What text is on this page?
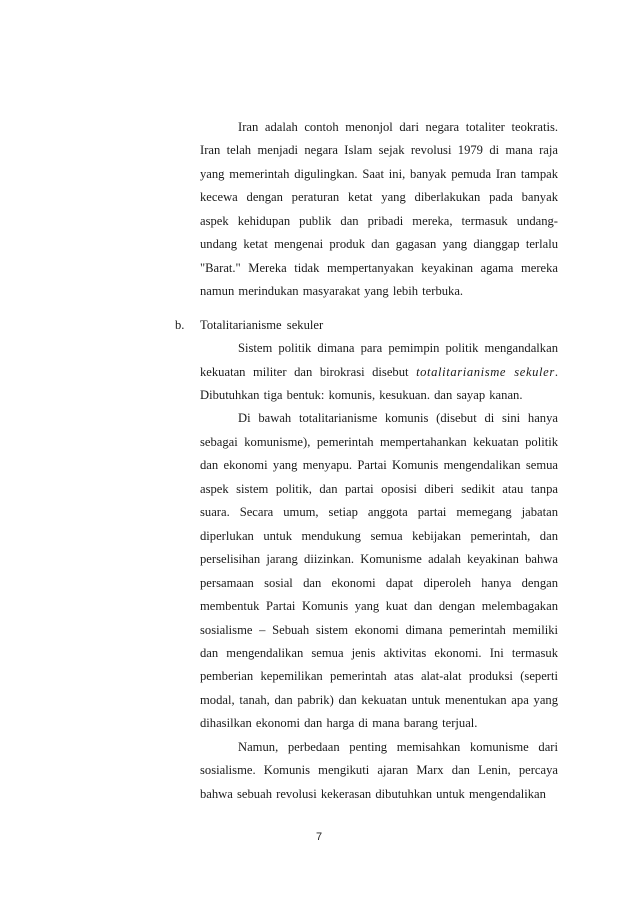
Iran adalah contoh menonjol dari negara totaliter teokratis. Iran telah menjadi negara Islam sejak revolusi 1979 di mana raja yang memerintah digulingkan. Saat ini, banyak pemuda Iran tampak kecewa dengan peraturan ketat yang diberlakukan pada banyak aspek kehidupan publik dan pribadi mereka, termasuk undang-undang ketat mengenai produk dan gagasan yang dianggap terlalu "Barat." Mereka tidak mempertanyakan keyakinan agama mereka namun merindukan masyarakat yang lebih terbuka.

b. Totalitarianisme sekuler

Sistem politik dimana para pemimpin politik mengandalkan kekuatan militer dan birokrasi disebut totalitarianisme sekuler. Dibutuhkan tiga bentuk: komunis, kesukuan. dan sayap kanan.

Di bawah totalitarianisme komunis (disebut di sini hanya sebagai komunisme), pemerintah mempertahankan kekuatan politik dan ekonomi yang menyapu. Partai Komunis mengendalikan semua aspek sistem politik, dan partai oposisi diberi sedikit atau tanpa suara. Secara umum, setiap anggota partai memegang jabatan diperlukan untuk mendukung semua kebijakan pemerintah, dan perselisihan jarang diizinkan. Komunisme adalah keyakinan bahwa persamaan sosial dan ekonomi dapat diperoleh hanya dengan membentuk Partai Komunis yang kuat dan dengan melembagakan sosialisme – Sebuah sistem ekonomi dimana pemerintah memiliki dan mengendalikan semua jenis aktivitas ekonomi. Ini termasuk pemberian kepemilikan pemerintah atas alat-alat produksi (seperti modal, tanah, dan pabrik) dan kekuatan untuk menentukan apa yang dihasilkan ekonomi dan harga di mana barang terjual.

Namun, perbedaan penting memisahkan komunisme dari sosialisme. Komunis mengikuti ajaran Marx dan Lenin, percaya bahwa sebuah revolusi kekerasan dibutuhkan untuk mengendalikan

7
